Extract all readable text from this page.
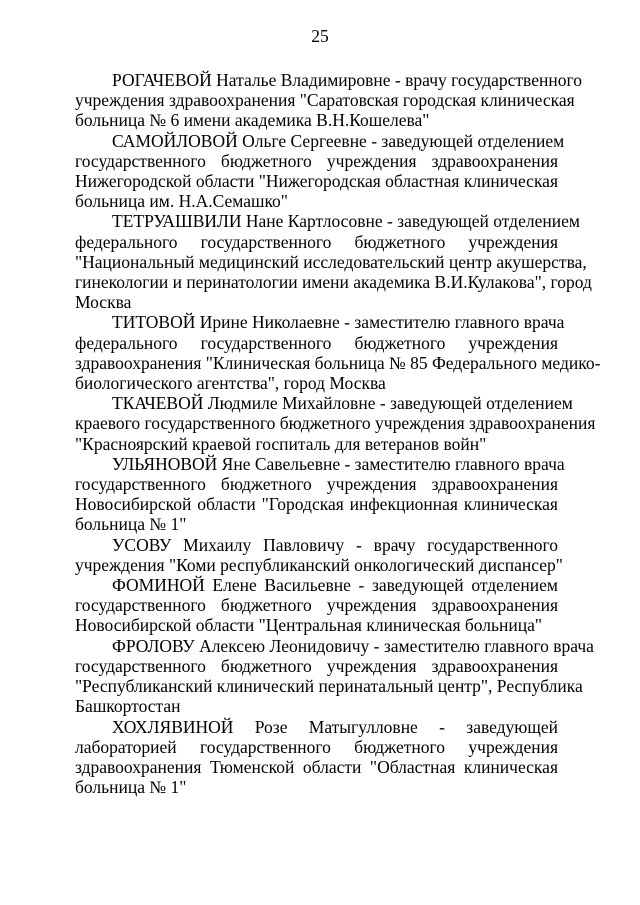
25

РОГАЧЕВОЙ Наталье Владимировне - врачу государственного
учреждения здравоохранения "Саратовская городская клиническая
больница № 6 имени академика В.Н.Кошелева"

САМОЙЛОВОЙ Ольге Сергеевне - заведующей отделением
государственного бюджетного учреждения здравоохранения
Нижегородской области "Нижегородская областная клиническая
больница им. Н.А.Семашко"

ТЕТРУАШВИЛИ Нане Картлосовне - заведующей отделением
федерального государственного бюджетного учреждения
"Национальный медицинский исследовательский центр акушерства,
гинекологии и перинатологии имени академика В.И.Кулакова", город
Москва

ТИТОВОЙ Ирине Николаевне - заместителю главного врача
федерального государственного бюджетного учреждения
здравоохранения "Клиническая больница № 85 Федерального медико-
биологического агентства", город Москва

ТКАЧЕВОЙ Людмиле Михайловне - заведующей отделением
краевого государственного бюджетного учреждения здравоохранения
"Красноярский краевой госпиталь для ветеранов войн"

УЛЬЯНОВОЙ Яне Савельевне - заместителю главного врача
государственного бюджетного учреждения здравоохранения
Новосибирской области "Городская инфекционная клиническая
больница № 1"

УСОВУ Михаилу Павловичу - врачу государственного
учреждения "Коми республиканский онкологический диспансер"

ФОМИНОЙ Елене Васильевне - заведующей отделением
государственного бюджетного учреждения здравоохранения
Новосибирской области "Центральная клиническая больница"

ФРОЛОВУ Алексею Леонидовичу - заместителю главного врача
государственного бюджетного учреждения здравоохранения
"Республиканский клинический перинатальный центр", Республика
Башкортостан

ХОХЛЯВИНОЙ Розе Матыгулловне - заведующей
лабораторией государственного бюджетного учреждения
здравоохранения Тюменской области "Областная клиническая
больница № 1"
